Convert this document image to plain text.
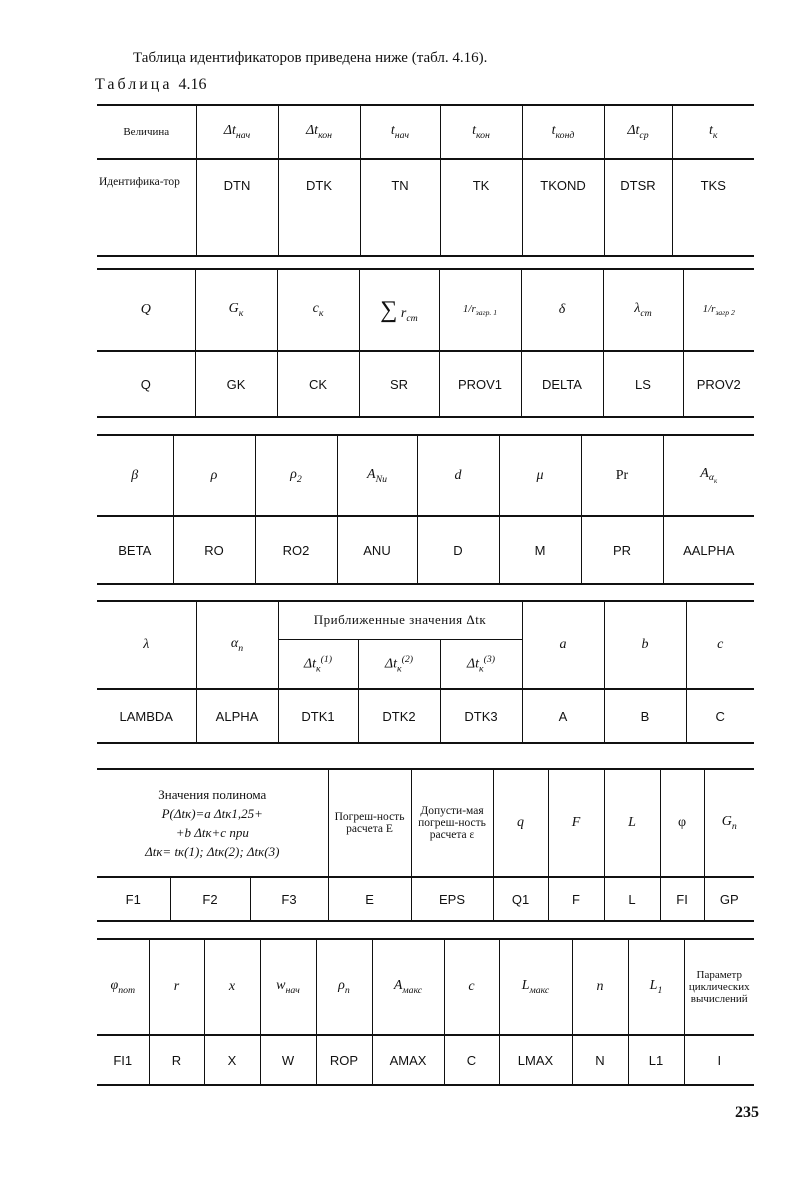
Таблица идентификаторов приведена ниже (табл. 4.16).
Таблица 4.16
Величина	$\Delta t_{нач}$	$\Delta t_{кон}$	$t_{нач}$	$t_{кон}$	$t_{конд}$	$\Delta t_{ср}$	$t_к$
Идентифика-тор	DTN	DTK	TN	TK	TKOND	DTSR	TKS
Q	$G_к$	$c_к$	∑ $r_{ст}$	$1/r_{загр. 1}$	δ	$\lambda_{ст}$	$1/r_{загр 2}$
Q	GK	CK	SR	PROV1	DELTA	LS	PROV2
β	ρ	$\rho_2$	$A_{Nu}$	d	μ	Pr	$A_{\alpha_к}$
BETA	RO	RO2	ANU	D	M	PR	AALPHA
λ	$\alpha_п$	Приближенные значения Δtк			a	b	c
		$\Delta t_к^{(1)}$	$\Delta t_к^{(2)}$	$\Delta t_к^{(3)}$
LAMBDA	ALPHA	DTK1	DTK2	DTK3	A	B	C
Значения полинома
P(Δtк)=a Δtк1,25+
+b Δtк+c при
Δtк= tк(1); Δtк(2); Δtк(3)			Погреш-ность расчета E	Допусти-мая погреш-ность расчета ε	q	F	L	φ	$G_п$
F1	F2	F3	E	EPS	Q1	F	L	FI	GP
$\varphi_{пот}$	r	x	$w_{нач}$	$\rho_п$	$A_{макс}$	c	$L_{макс}$	n	$L_1$	Параметр циклических вычислений
FI1	R	X	W	ROP	AMAX	C	LMAX	N	L1	I
235
